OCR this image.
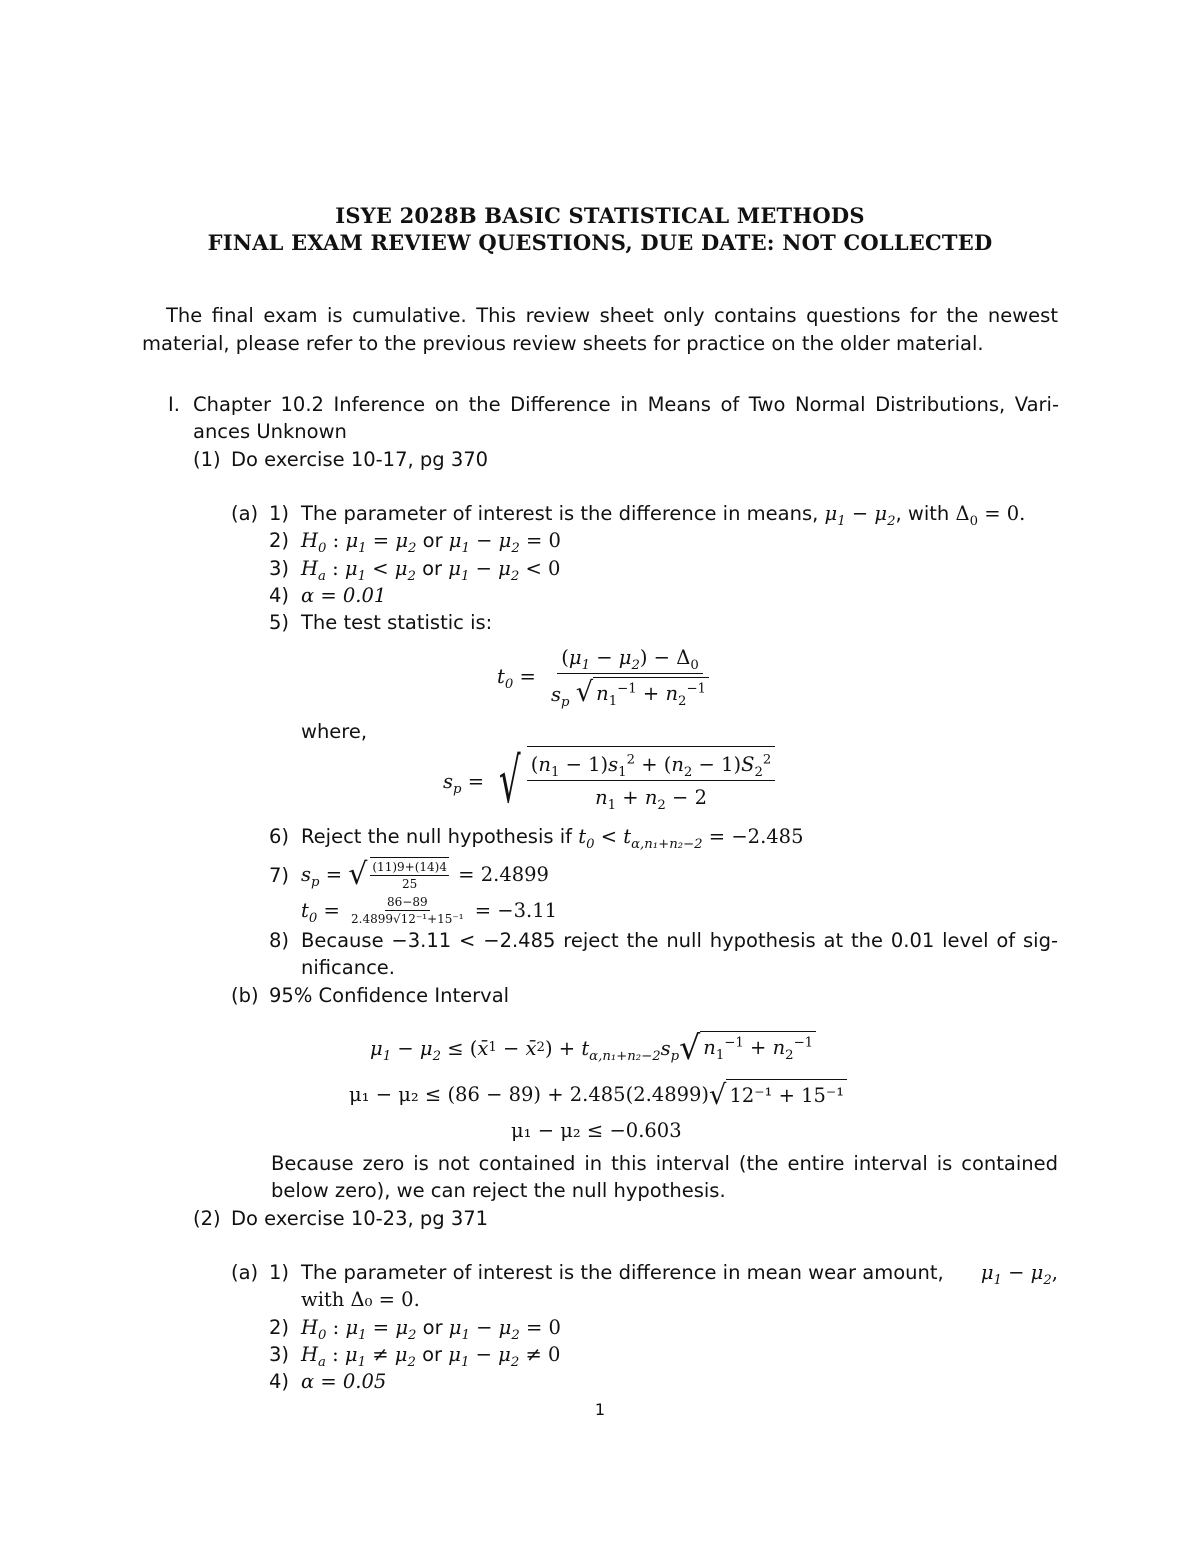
ISYE 2028B BASIC STATISTICAL METHODS
FINAL EXAM REVIEW QUESTIONS, DUE DATE: NOT COLLECTED
The final exam is cumulative. This review sheet only contains questions for the newest
material, please refer to the previous review sheets for practice on the older material.
I. Chapter 10.2 Inference on the Difference in Means of Two Normal Distributions, Vari-
ances Unknown
(1) Do exercise 10-17, pg 370
(a) 1) The parameter of interest is the difference in means, $\mu_1 - \mu_2$, with $\Delta_0 = 0$.
2) $H_0$ : $\mu_1 = \mu_2$ or $\mu_1 - \mu_2 = 0$
3) $H_a$ : $\mu_1 < \mu_2$ or $\mu_1 - \mu_2 < 0$
4) α = 0.01
5) The test statistic is:
$t_0 = \frac{(\mu_1 - \mu_2) - \Delta_0}{s_p √ n_1^{-1} + n_2^{-1}}$
where,
$s_p$ = √ $\frac{(n_1 - 1)s_1^2 + (n_2 - 1)S_2^2}{n_1 + n_2 - 2}$
6) Reject the null hypothesis if $t_0 < t_{\alpha,n_1+n_2-2} = -2.485$
7) $s_p$ = √ $\frac{(11)9+(14)4}{25}$
= 2.4899
$t_0 = \frac{86-89}{\text{2.4899√12⁻¹+15⁻¹}}$
= −3.11
8) Because −3.11 < −2.485 reject the null hypothesis at the 0.01 level of sig-
nificance.
(b) 95% Confidence Interval
$\mu_1 - \mu_2$ ≤ ( x̄ 1 − x̄ 2 ) + $t_{\alpha,n_1+n_2-2}s_p$ √ $n_1^{-1} + n_2^{-1}$
μ₁ − μ₂ ≤ (86 − 89) + 2.485(2.4899) √ 12⁻¹ + 15⁻¹
μ₁ − μ₂ ≤ −0.603
Because zero is not contained in this interval (the entire interval is contained
below zero), we can reject the null hypothesis.
(2) Do exercise 10-23, pg 371
(a) 1) The parameter of interest is the difference in mean wear amount, $\mu_1 - \mu_2$,
with Δ₀ = 0.
2) $H_0$ : $\mu_1 = \mu_2$ or $\mu_1 - \mu_2 = 0$
3) $H_a$ : $\mu_1 \ne \mu_2$ or $\mu_1 - \mu_2 \ne 0$
4) α = 0.05
1
